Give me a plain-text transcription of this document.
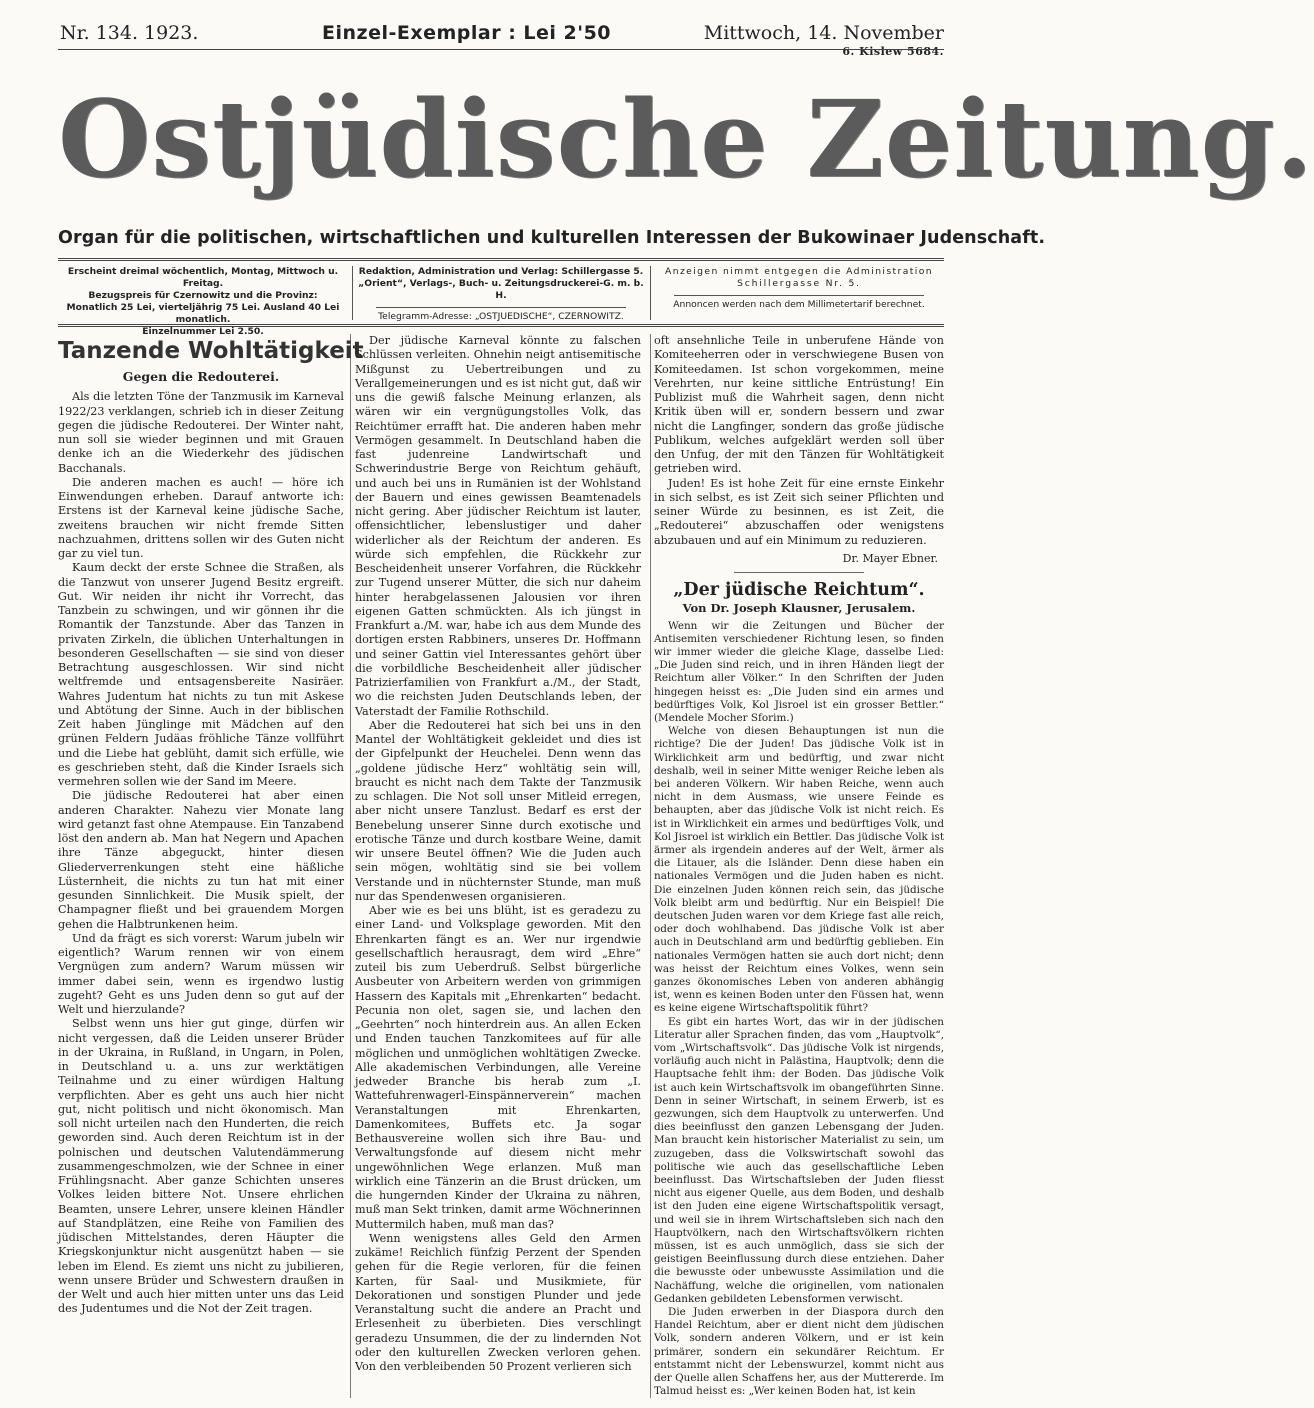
Nr. 134. 1923.	Einzel-Exemplar : Lei 2'50	Mittwoch, 14. November
6. Kislew 5684.
Ostjüdische Zeitung.
Organ für die politischen, wirtschaftlichen und kulturellen Interessen der Bukowinaer Judenschaft.
Erscheint dreimal wöchentlich, Montag, Mittwoch u. Freitag.
Bezugspreis für Czernowitz und die Provinz:
Monatlich 25 Lei, vierteljährig 75 Lei. Ausland 40 Lei monatlich.
Einzelnummer Lei 2.50.
Redaktion, Administration und Verlag: Schillergasse 5.
„Orient“, Verlags-, Buch- u. Zeitungsdruckerei-G. m. b. H.
Telegramm-Adresse: „OSTJUEDISCHE“, CZERNOWITZ.
Anzeigen nimmt entgegen die Administration
Schillergasse Nr. 5.
Annoncen werden nach dem Millimetertarif berechnet.
Tanzende Wohltätigkeit
Gegen die Redouterei.

Als die letzten Töne der Tanzmusik im Karneval 1922/23 verklangen, schrieb ich in dieser Zeitung gegen die jüdische Redouterei. Der Winter naht, nun soll sie wieder beginnen und mit Grauen denke ich an die Wiederkehr des jüdischen Bacchanals.

Die anderen machen es auch! — höre ich Einwendungen erheben. Darauf antworte ich: Erstens ist der Karneval keine jüdische Sache, zweitens brauchen wir nicht fremde Sitten nachzuahmen, drittens sollen wir des Guten nicht gar zu viel tun.

Kaum deckt der erste Schnee die Straßen, als die Tanzwut von unserer Jugend Besitz ergreift. Gut. Wir neiden ihr nicht ihr Vorrecht, das Tanzbein zu schwingen, und wir gönnen ihr die Romantik der Tanzstunde. Aber das Tanzen in privaten Zirkeln, die üblichen Unterhaltungen in besonderen Gesellschaften — sie sind von dieser Betrachtung ausgeschlossen. Wir sind nicht weltfremde und entsagensbereite Nasiräer. Wahres Judentum hat nichts zu tun mit Askese und Abtötung der Sinne. Auch in der biblischen Zeit haben Jünglinge mit Mädchen auf den grünen Feldern Judäas fröhliche Tänze vollführt und die Liebe hat geblüht, damit sich erfülle, wie es geschrieben steht, daß die Kinder Israels sich vermehren sollen wie der Sand im Meere.

Die jüdische Redouterei hat aber einen anderen Charakter. Nahezu vier Monate lang wird getanzt fast ohne Atempause. Ein Tanzabend löst den andern ab. Man hat Negern und Apachen ihre Tänze abgeguckt, hinter diesen Gliederverrenkungen steht eine häßliche Lüsternheit, die nichts zu tun hat mit einer gesunden Sinnlichkeit. Die Musik spielt, der Champagner fließt und bei grauendem Morgen gehen die Halbtrunkenen heim.

Und da frägt es sich vorerst: Warum jubeln wir eigentlich? Warum rennen wir von einem Vergnügen zum andern? Warum müssen wir immer dabei sein, wenn es irgendwo lustig zugeht? Geht es uns Juden denn so gut auf der Welt und hierzulande?

Selbst wenn uns hier gut ginge, dürfen wir nicht vergessen, daß die Leiden unserer Brüder in der Ukraina, in Rußland, in Ungarn, in Polen, in Deutschland u. a. uns zur werktätigen Teilnahme und zu einer würdigen Haltung verpflichten. Aber es geht uns auch hier nicht gut, nicht politisch und nicht ökonomisch. Man soll nicht urteilen nach den Hunderten, die reich geworden sind. Auch deren Reichtum ist in der polnischen und deutschen Valutendämmerung zusammengeschmolzen, wie der Schnee in einer Frühlingsnacht. Aber ganze Schichten unseres Volkes leiden bittere Not. Unsere ehrlichen Beamten, unsere Lehrer, unsere kleinen Händler auf Standplätzen, eine Reihe von Familien des jüdischen Mittelstandes, deren Häupter die Kriegskonjunktur nicht ausgenützt haben — sie leben im Elend. Es ziemt uns nicht zu jubilieren, wenn unsere Brüder und Schwestern draußen in der Welt und auch hier mitten unter uns das Leid des Judentumes und die Not der Zeit tragen.

Der jüdische Karneval könnte zu falschen Schlüssen verleiten. Ohnehin neigt antisemitische Mißgunst zu Uebertreibungen und zu Verallgemeinerungen und es ist nicht gut, daß wir uns die gewiß falsche Meinung erlanzen, als wären wir ein vergnügungstolles Volk, das Reichtümer errafft hat. Die anderen haben mehr Vermögen gesammelt. In Deutschland haben die fast judenreine Landwirtschaft und Schwerindustrie Berge von Reichtum gehäuft, und auch bei uns in Rumänien ist der Wohlstand der Bauern und eines gewissen Beamtenadels nicht gering. Aber jüdischer Reichtum ist lauter, offensichtlicher, lebenslustiger und daher widerlicher als der Reichtum der anderen. Es würde sich empfehlen, die Rückkehr zur Bescheidenheit unserer Vorfahren, die Rückkehr zur Tugend unserer Mütter, die sich nur daheim hinter herabgelassenen Jalousien vor ihren eigenen Gatten schmückten. Als ich jüngst in Frankfurt a./M. war, habe ich aus dem Munde des dortigen ersten Rabbiners, unseres Dr. Hoffmann und seiner Gattin viel Interessantes gehört über die vorbildliche Bescheidenheit aller jüdischer Patrizierfamilien von Frankfurt a./M., der Stadt, wo die reichsten Juden Deutschlands leben, der Vaterstadt der Familie Rothschild.

Aber die Redouterei hat sich bei uns in den Mantel der Wohltätigkeit gekleidet und dies ist der Gipfelpunkt der Heuchelei. Denn wenn das „goldene jüdische Herz“ wohltätig sein will, braucht es nicht nach dem Takte der Tanzmusik zu schlagen. Die Not soll unser Mitleid erregen, aber nicht unsere Tanzlust. Bedarf es erst der Benebelung unserer Sinne durch exotische und erotische Tänze und durch kostbare Weine, damit wir unsere Beutel öffnen? Wie die Juden auch sein mögen, wohltätig sind sie bei vollem Verstande und in nüchternster Stunde, man muß nur das Spendenwesen organisieren.

Aber wie es bei uns blüht, ist es geradezu zu einer Land- und Volksplage geworden. Mit den Ehrenkarten fängt es an. Wer nur irgendwie gesellschaftlich herausragt, dem wird „Ehre“ zuteil bis zum Ueberdruß. Selbst bürgerliche Ausbeuter von Arbeitern werden von grimmigen Hassern des Kapitals mit „Ehrenkarten“ bedacht. Pecunia non olet, sagen sie, und lachen den „Geehrten“ noch hinterdrein aus. An allen Ecken und Enden tauchen Tanzkomitees auf für alle möglichen und unmöglichen wohltätigen Zwecke. Alle akademischen Verbindungen, alle Vereine jedweder Branche bis herab zum „I. Wattefuhrenwagerl-Einspännerverein“ machen Veranstaltungen mit Ehrenkarten, Damenkomitees, Buffets etc. Ja sogar Bethausvereine wollen sich ihre Bau- und Verwaltungsfonde auf diesem nicht mehr ungewöhnlichen Wege erlanzen. Muß man wirklich eine Tänzerin an die Brust drücken, um die hungernden Kinder der Ukraina zu nähren, muß man Sekt trinken, damit arme Wöchnerinnen Muttermilch haben, muß man das?

Wenn wenigstens alles Geld den Armen zukäme! Reichlich fünfzig Perzent der Spenden gehen für die Regie verloren, für die feinen Karten, für Saal- und Musikmiete, für Dekorationen und sonstigen Plunder und jede Veranstaltung sucht die andere an Pracht und Erlesenheit zu überbieten. Dies verschlingt geradezu Unsummen, die der zu lindernden Not oder den kulturellen Zwecken verloren gehen. Von den verbleibenden 50 Prozent verlieren sich

oft ansehnliche Teile in unberufene Hände von Komiteeherren oder in verschwiegene Busen von Komiteedamen. Ist schon vorgekommen, meine Verehrten, nur keine sittliche Entrüstung! Ein Publizist muß die Wahrheit sagen, denn nicht Kritik üben will er, sondern bessern und zwar nicht die Langfinger, sondern das große jüdische Publikum, welches aufgeklärt werden soll über den Unfug, der mit den Tänzen für Wohltätigkeit getrieben wird.

Juden! Es ist hohe Zeit für eine ernste Einkehr in sich selbst, es ist Zeit sich seiner Pflichten und seiner Würde zu besinnen, es ist Zeit, die „Redouterei“ abzuschaffen oder wenigstens abzubauen und auf ein Minimum zu reduzieren.

Dr. Mayer Ebner.
„Der jüdische Reichtum“.
Von Dr. Joseph Klausner, Jerusalem.

Wenn wir die Zeitungen und Bücher der Antisemiten verschiedener Richtung lesen, so finden wir immer wieder die gleiche Klage, dasselbe Lied: „Die Juden sind reich, und in ihren Händen liegt der Reichtum aller Völker.“ In den Schriften der Juden hingegen heisst es: „Die Juden sind ein armes und bedürftiges Volk, Kol Jisroel ist ein grosser Bettler.“ (Mendele Mocher Sforim.)

Welche von diesen Behauptungen ist nun die richtige? Die der Juden! Das jüdische Volk ist in Wirklichkeit arm und bedürftig, und zwar nicht deshalb, weil in seiner Mitte weniger Reiche leben als bei anderen Völkern. Wir haben Reiche, wenn auch nicht in dem Ausmass, wie unsere Feinde es behaupten, aber das jüdische Volk ist nicht reich. Es ist in Wirklichkeit ein armes und bedürftiges Volk, und Kol Jisroel ist wirklich ein Bettler. Das jüdische Volk ist ärmer als irgendein anderes auf der Welt, ärmer als die Litauer, als die Isländer. Denn diese haben ein nationales Vermögen und die Juden haben es nicht. Die einzelnen Juden können reich sein, das jüdische Volk bleibt arm und bedürftig. Nur ein Beispiel! Die deutschen Juden waren vor dem Kriege fast alle reich, oder doch wohlhabend. Das jüdische Volk ist aber auch in Deutschland arm und bedürftig geblieben. Ein nationales Vermögen hatten sie auch dort nicht; denn was heisst der Reichtum eines Volkes, wenn sein ganzes ökonomisches Leben von anderen abhängig ist, wenn es keinen Boden unter den Füssen hat, wenn es keine eigene Wirtschaftspolitik führt?

Es gibt ein hartes Wort, das wir in der jüdischen Literatur aller Sprachen finden, das vom „Hauptvolk“, vom „Wirtschaftsvolk“. Das jüdische Volk ist nirgends, vorläufig auch nicht in Palästina, Hauptvolk; denn die Hauptsache fehlt ihm: der Boden. Das jüdische Volk ist auch kein Wirtschaftsvolk im obangeführten Sinne. Denn in seiner Wirtschaft, in seinem Erwerb, ist es gezwungen, sich dem Hauptvolk zu unterwerfen. Und dies beeinflusst den ganzen Lebensgang der Juden. Man braucht kein historischer Materialist zu sein, um zuzugeben, dass die Volkswirtschaft sowohl das politische wie auch das gesellschaftliche Leben beeinflusst. Das Wirtschaftsleben der Juden fliesst nicht aus eigener Quelle, aus dem Boden, und deshalb ist den Juden eine eigene Wirtschaftspolitik versagt, und weil sie in ihrem Wirtschaftsleben sich nach den Hauptvölkern, nach den Wirtschaftsvölkern richten müssen, ist es auch unmöglich, dass sie sich der geistigen Beeinflussung durch diese entziehen. Daher die bewusste oder unbewusste Assimilation und die Nachäffung, welche die originellen, vom nationalen Gedanken gebildeten Lebensformen verwischt.

Die Juden erwerben in der Diaspora durch den Handel Reichtum, aber er dient nicht dem jüdischen Volk, sondern anderen Völkern, und er ist kein primärer, sondern ein sekundärer Reichtum. Er entstammt nicht der Lebenswurzel, kommt nicht aus der Quelle allen Schaffens her, aus der Muttererde. Im Talmud heisst es: „Wer keinen Boden hat, ist kein
